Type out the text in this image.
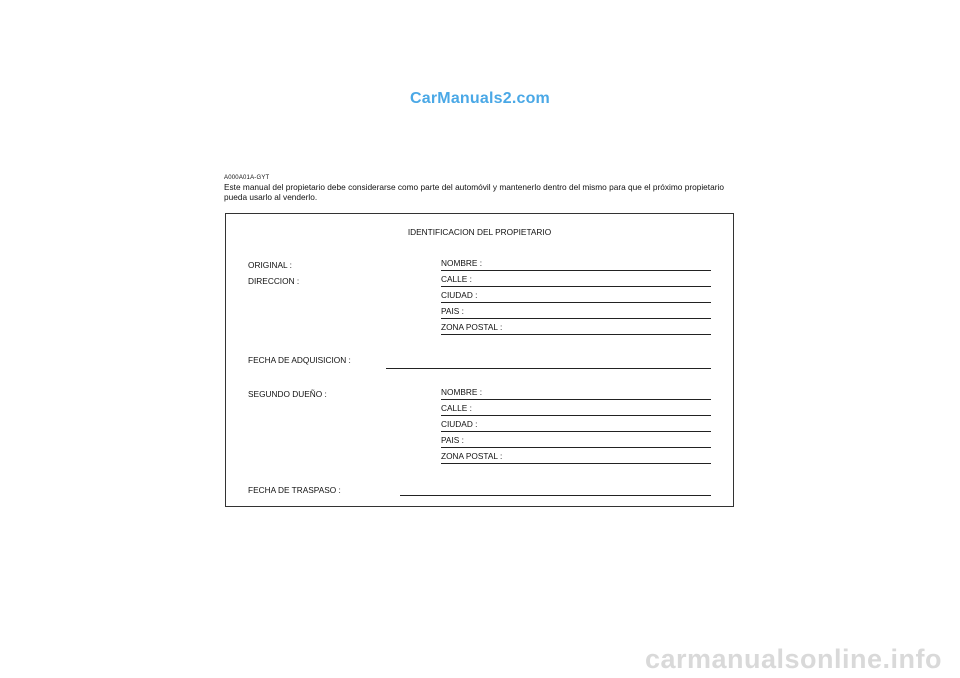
CarManuals2.com
A000A01A-GYT
Este manual del propietario debe considerarse como parte del automóvil y mantenerlo dentro del mismo para que el próximo propietario pueda usarlo al venderlo.
IDENTIFICACION DEL PROPIETARIO
ORIGINAL :
DIRECCION :
NOMBRE :
CALLE :
CIUDAD :
PAIS :
ZONA POSTAL :
FECHA DE ADQUISICION :
SEGUNDO DUEÑO :	NOMBRE :
CALLE :
CIUDAD :
PAIS :
ZONA POSTAL :
FECHA DE TRASPASO :
carmanualsonline.info
